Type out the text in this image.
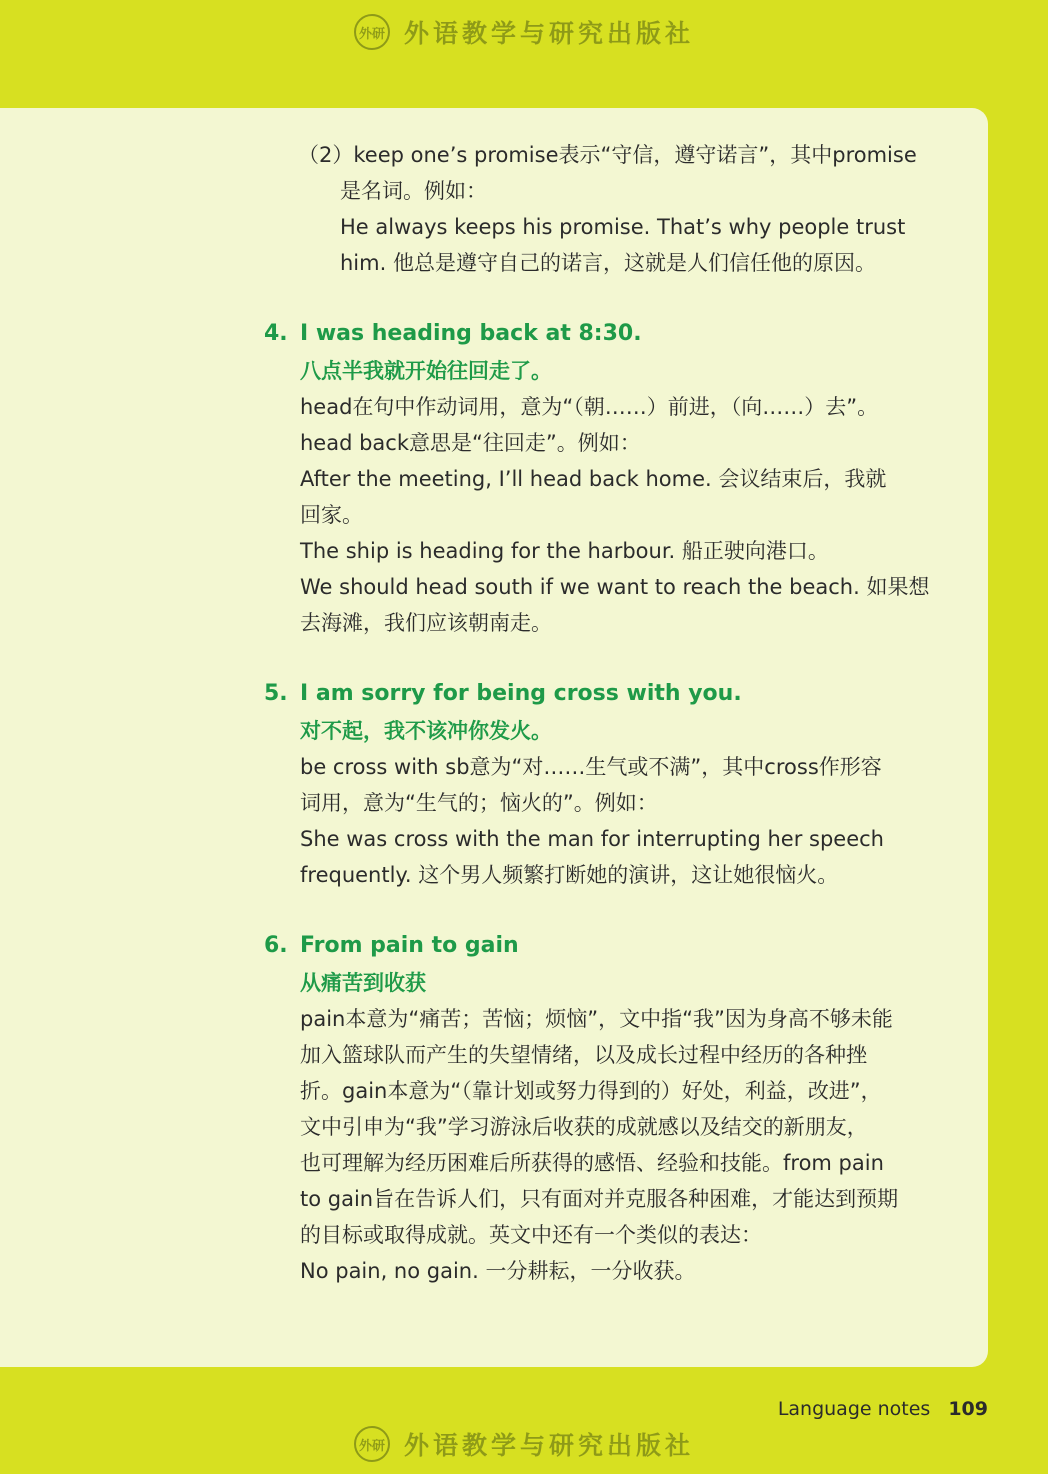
外研 外语教学与研究出版社
（2）keep one’s promise表示“守信，遵守诺言”，其中promise
是名词。例如：
He always keeps his promise. That’s why people trust
him. 他总是遵守自己的诺言，这就是人们信任他的原因。
4. I was heading back at 8:30.
八点半我就开始往回走了。
head在句中作动词用，意为“（朝……）前进，（向……）去”。
head back意思是“往回走”。例如：
After the meeting, I’ll head back home. 会议结束后，我就
回家。
The ship is heading for the harbour. 船正驶向港口。
We should head south if we want to reach the beach. 如果想
去海滩，我们应该朝南走。
5. I am sorry for being cross with you.
对不起，我不该冲你发火。
be cross with sb意为“对……生气或不满”，其中cross作形容
词用，意为“生气的；恼火的”。例如：
She was cross with the man for interrupting her speech
frequently. 这个男人频繁打断她的演讲，这让她很恼火。
6. From pain to gain
从痛苦到收获
pain本意为“痛苦；苦恼；烦恼”，文中指“我”因为身高不够未能
加入篮球队而产生的失望情绪，以及成长过程中经历的各种挫
折。gain本意为“（靠计划或努力得到的）好处，利益，改进”，
文中引申为“我”学习游泳后收获的成就感以及结交的新朋友，
也可理解为经历困难后所获得的感悟、经验和技能。from pain
to gain旨在告诉人们，只有面对并克服各种困难，才能达到预期
的目标或取得成就。英文中还有一个类似的表达：
No pain, no gain. 一分耕耘，一分收获。
Language notes 109
外研 外语教学与研究出版社
